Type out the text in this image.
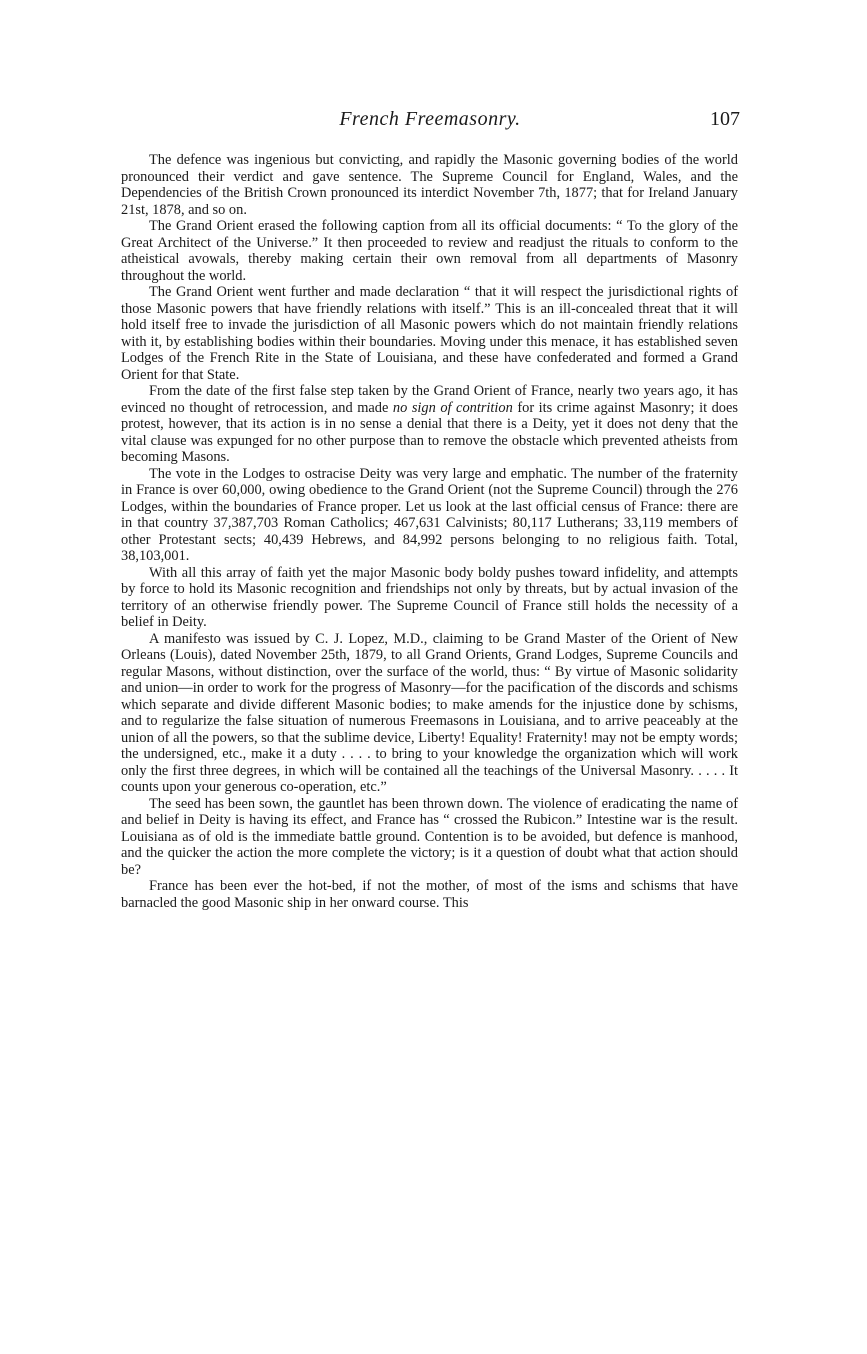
French Freemasonry.	107

The defence was ingenious but convicting, and rapidly the Masonic governing bodies of the world pronounced their verdict and gave sentence. The Supreme Council for England, Wales, and the Dependencies of the British Crown pronounced its interdict November 7th, 1877; that for Ireland January 21st, 1878, and so on.

The Grand Orient erased the following caption from all its official documents: “ To the glory of the Great Architect of the Universe.” It then proceeded to review and readjust the rituals to conform to the atheistical avowals, thereby making certain their own removal from all departments of Masonry throughout the world.

The Grand Orient went further and made declaration “ that it will respect the jurisdictional rights of those Masonic powers that have friendly relations with itself.” This is an ill-concealed threat that it will hold itself free to invade the jurisdiction of all Masonic powers which do not maintain friendly relations with it, by establishing bodies within their boundaries. Moving under this menace, it has established seven Lodges of the French Rite in the State of Louisiana, and these have confederated and formed a Grand Orient for that State.

From the date of the first false step taken by the Grand Orient of France, nearly two years ago, it has evinced no thought of retrocession, and made no sign of contrition for its crime against Masonry; it does protest, however, that its action is in no sense a denial that there is a Deity, yet it does not deny that the vital clause was expunged for no other purpose than to remove the obstacle which prevented atheists from becoming Masons.

The vote in the Lodges to ostracise Deity was very large and emphatic. The number of the fraternity in France is over 60,000, owing obedience to the Grand Orient (not the Supreme Council) through the 276 Lodges, within the boundaries of France proper. Let us look at the last official census of France: there are in that country 37,387,703 Roman Catholics; 467,631 Calvinists; 80,117 Lutherans; 33,119 members of other Protestant sects; 40,439 Hebrews, and 84,992 persons belonging to no religious faith. Total, 38,103,001.

With all this array of faith yet the major Masonic body boldy pushes toward infidelity, and attempts by force to hold its Masonic recognition and friendships not only by threats, but by actual invasion of the territory of an otherwise friendly power. The Supreme Council of France still holds the necessity of a belief in Deity.

A manifesto was issued by C. J. Lopez, M.D., claiming to be Grand Master of the Orient of New Orleans (Louis), dated November 25th, 1879, to all Grand Orients, Grand Lodges, Supreme Councils and regular Masons, without distinction, over the surface of the world, thus: “ By virtue of Masonic solidarity and union—in order to work for the progress of Masonry—for the pacification of the discords and schisms which separate and divide different Masonic bodies; to make amends for the injustice done by schisms, and to regularize the false situation of numerous Freemasons in Louisiana, and to arrive peaceably at the union of all the powers, so that the sublime device, Liberty! Equality! Fraternity! may not be empty words; the undersigned, etc., make it a duty . . . . to bring to your knowledge the organization which will work only the first three degrees, in which will be contained all the teachings of the Universal Masonry. . . . . It counts upon your generous co-operation, etc.”

The seed has been sown, the gauntlet has been thrown down. The violence of eradicating the name of and belief in Deity is having its effect, and France has “ crossed the Rubicon.” Intestine war is the result. Louisiana as of old is the immediate battle ground. Contention is to be avoided, but defence is manhood, and the quicker the action the more complete the victory; is it a question of doubt what that action should be?

France has been ever the hot-bed, if not the mother, of most of the isms and schisms that have barnacled the good Masonic ship in her onward course. This
